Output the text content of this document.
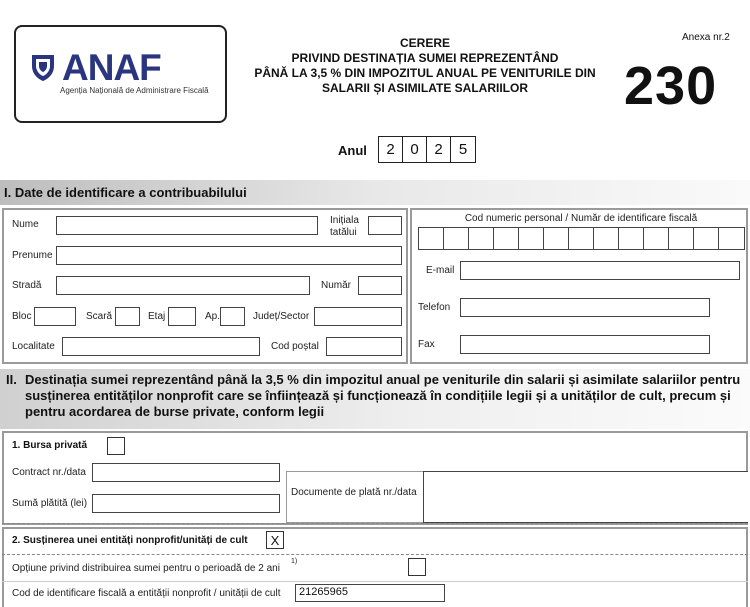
ANAF
Agenția Națională de Administrare Fiscală
CERERE
PRIVIND DESTINAȚIA SUMEI REPREZENTÂND
PÂNĂ LA 3,5 % DIN IMPOZITUL ANUAL PE VENITURILE DIN
SALARII ȘI ASIMILATE SALARIILOR
Anexa nr.2
230
Anul	2	0	2	5
I. Date de identificare a contribuabilului
Nume	Inițiala
tatălui
Prenume
Stradă	Număr
Bloc	Scară	Etaj	Ap.	Județ/Sector
Localitate	Cod poștal
Cod numeric personal / Număr de identificare fiscală
E-mail
Telefon
Fax
II. Destinația sumei reprezentând până la 3,5 % din impozitul anual pe veniturile din salarii și asimilate salariilor pentru susținerea entităților nonprofit care se înființează și funcționează în condițiile legii și a unităților de cult, precum și pentru acordarea de burse private, conform legii
1. Bursa privată
Contract nr./data
Sumă plătită (lei)
Documente de plată nr./data
2. Susținerea unei entități nonprofit/unități de cult	X
Opțiune privind distribuirea sumei pentru o perioadă de 2 ani
1)
Cod de identificare fiscală a entității nonprofit / unității de cult	21265965
